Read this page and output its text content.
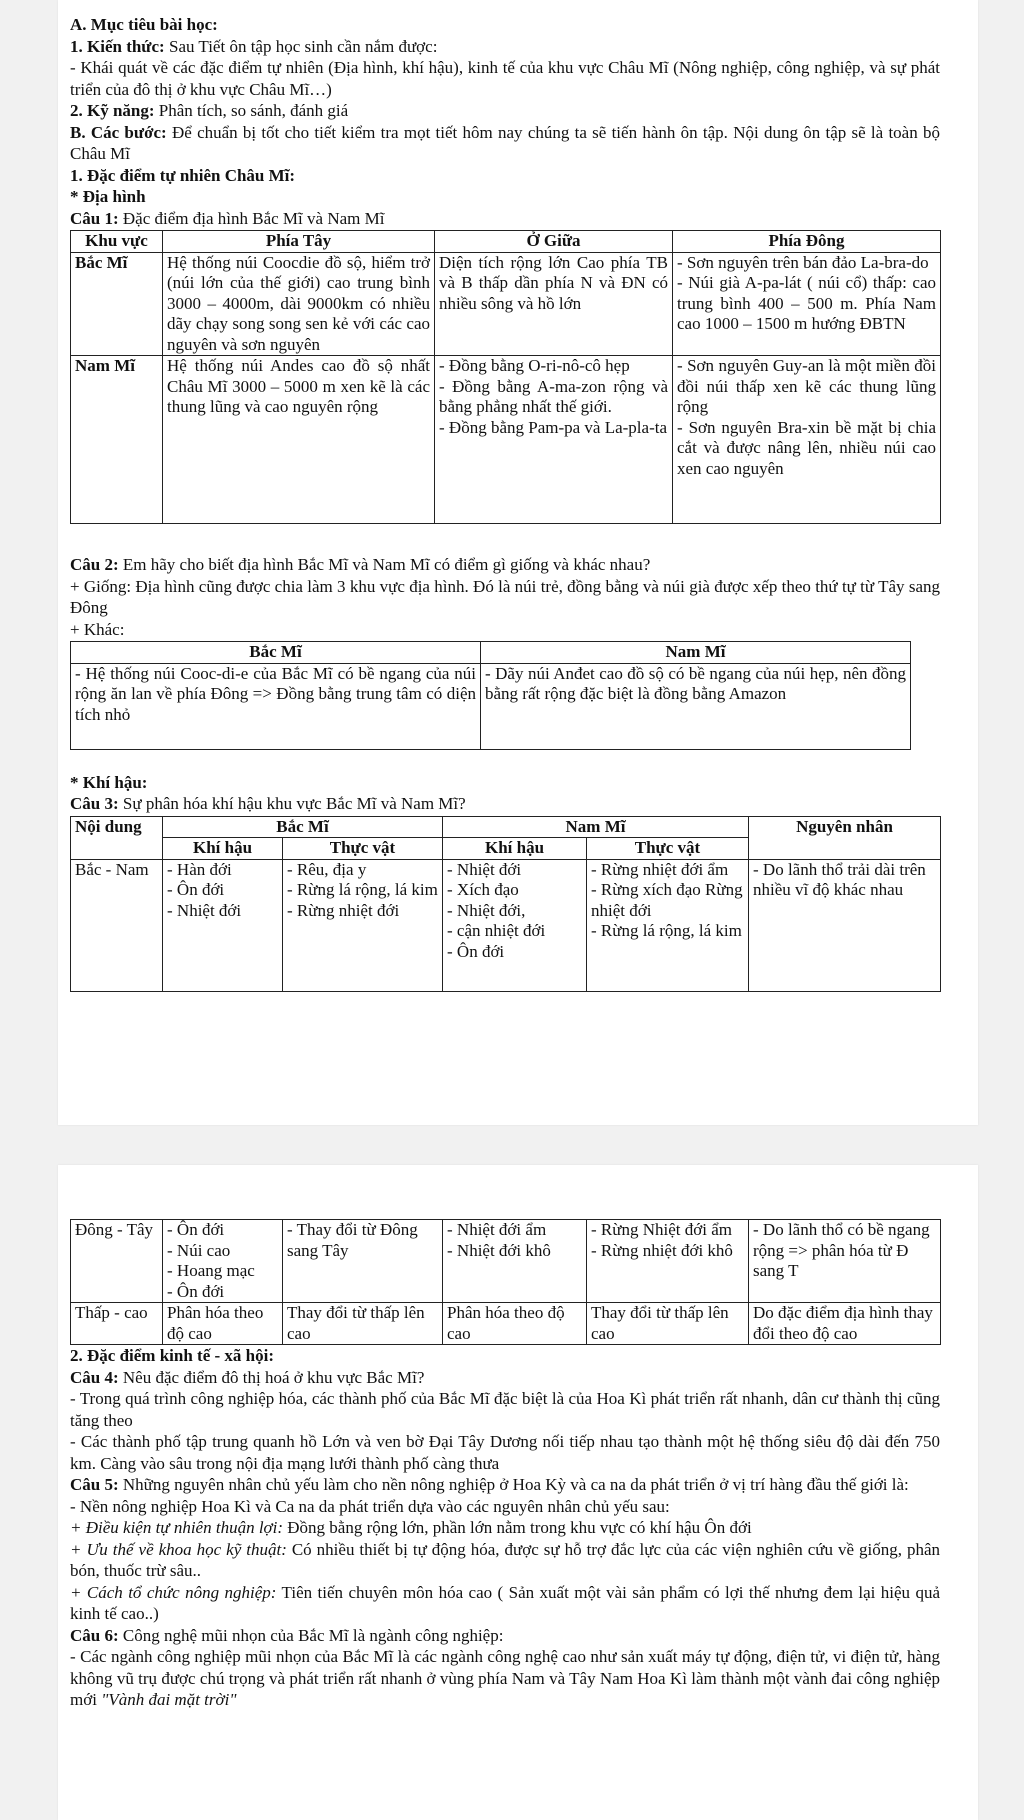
A. Mục tiêu bài học:

1. Kiến thức: Sau Tiết ôn tập học sinh cần nắm được:

- Khái quát về các đặc điểm tự nhiên (Địa hình, khí hậu), kinh tế của khu vực Châu Mĩ (Nông nghiệp, công nghiệp, và sự phát triển của đô thị ở khu vực Châu Mĩ…)

2. Kỹ năng: Phân tích, so sánh, đánh giá

B. Các bước: Để chuẩn bị tốt cho tiết kiểm tra mọt tiết hôm nay chúng ta sẽ tiến hành ôn tập. Nội dung ôn tập sẽ là toàn bộ Châu Mĩ

1. Đặc điểm tự nhiên Châu Mĩ:

* Địa hình

Câu 1: Đặc điểm địa hình Bắc Mĩ và Nam Mĩ

Khu vực	Phía Tây	Ở Giữa	Phía Đông
Bắc Mĩ	Hệ thống núi Coocdie đồ sộ, hiểm trở (núi lớn của thế giới) cao trung bình 3000 – 4000m, dài 9000km có nhiều dãy chạy song song sen kẻ với các cao nguyên và sơn nguyên	Diện tích rộng lớn Cao phía TB và B thấp dần phía N và ĐN có nhiều sông và hồ lớn	- Sơn nguyên trên bán đảo La-bra-do
- Núi già A-pa-lát ( núi cổ) thấp: cao trung bình 400 – 500 m. Phía Nam cao 1000 – 1500 m hướng ĐBTN

Nam Mĩ	Hệ thống núi Andes cao đồ sộ nhất Châu Mĩ 3000 – 5000 m xen kẽ là các thung lũng và cao nguyên rộng	- Đồng bằng O-ri-nô-cô hẹp
- Đồng bằng A-ma-zon rộng và bằng phẳng nhất thế giới.
- Đồng bằng Pam-pa và La-pla-ta	- Sơn nguyên Guy-an là một miền đồi đồi núi thấp xen kẽ các thung lũng rộng
- Sơn nguyên Bra-xin bề mặt bị chia cắt và được nâng lên, nhiều núi cao xen cao nguyên

Câu 2: Em hãy cho biết địa hình Bắc Mĩ và Nam Mĩ có điểm gì giống và khác nhau?

+ Giống: Địa hình cũng được chia làm 3 khu vực địa hình. Đó là núi trẻ, đồng bằng và núi già được xếp theo thứ tự từ Tây sang Đông

+ Khác:

Bắc Mĩ	Nam Mĩ
- Hệ thống núi Cooc-di-e của Bắc Mĩ có bề ngang của núi rộng ăn lan về phía Đông => Đồng bằng trung tâm có diện tích nhỏ	- Dãy núi Anđet cao đồ sộ có bề ngang của núi hẹp, nên đồng bằng rất rộng đặc biệt là đồng bằng Amazon

* Khí hậu:

Câu 3: Sự phân hóa khí hậu khu vực Bắc Mĩ và Nam Mĩ?

Nội dung	Bắc Mĩ		Nam Mĩ		Nguyên nhân
	Khí hậu	Thực vật	Khí hậu	Thực vật	
Bắc - Nam	- Hàn đới
- Ôn đới
- Nhiệt đới	- Rêu, địa y
- Rừng lá rộng, lá kim
- Rừng nhiệt đới	- Nhiệt đới
- Xích đạo
- Nhiệt đới,
- cận nhiệt đới
- Ôn đới	- Rừng nhiệt đới ẩm
- Rừng xích đạo Rừng nhiệt đới
- Rừng lá rộng, lá kim	- Do lãnh thổ trải dài trên nhiều vĩ độ khác nhau
Đông - Tây	- Ôn đới
- Núi cao
- Hoang mạc
- Ôn đới	- Thay đổi từ Đông sang Tây	- Nhiệt đới ẩm
- Nhiệt đới khô	- Rừng Nhiệt đới ẩm
- Rừng nhiệt đới khô	- Do lãnh thổ có bề ngang rộng => phân hóa từ Đ sang T
Thấp - cao	Phân hóa theo độ cao	Thay đổi từ thấp lên cao	Phân hóa theo độ cao	Thay đổi từ thấp lên cao	Do đặc điểm địa hình thay đổi theo độ cao

2. Đặc điểm kinh tế - xã hội:

Câu 4: Nêu đặc điểm đô thị hoá ở khu vực Bắc Mĩ?

- Trong quá trình công nghiệp hóa, các thành phố của Bắc Mĩ đặc biệt là của Hoa Kì phát triển rất nhanh, dân cư thành thị cũng tăng theo

- Các thành phố tập trung quanh hồ Lớn và ven bờ Đại Tây Dương nối tiếp nhau tạo thành một hệ thống siêu độ dài đến 750 km. Càng vào sâu trong nội địa mạng lưới thành phố càng thưa

Câu 5: Những nguyên nhân chủ yếu làm cho nền nông nghiệp ở Hoa Kỳ và ca na da phát triển ở vị trí hàng đầu thế giới là:

- Nền nông nghiệp Hoa Kì và Ca na da phát triển dựa vào các nguyên nhân chủ yếu sau:

+ Điều kiện tự nhiên thuận lợi: Đồng bằng rộng lớn, phần lớn nằm trong khu vực có khí hậu Ôn đới

+ Ưu thế về khoa học kỹ thuật: Có nhiều thiết bị tự động hóa, được sự hỗ trợ đắc lực của các viện nghiên cứu về giống, phân bón, thuốc trừ sâu..

+ Cách tổ chức nông nghiệp: Tiên tiến chuyên môn hóa cao ( Sản xuất một vài sản phẩm có lợi thế nhưng đem lại hiệu quả kinh tế cao..)

Câu 6: Công nghệ mũi nhọn của Bắc Mĩ là ngành công nghiệp:

- Các ngành công nghiệp mũi nhọn của Bắc Mĩ là các ngành công nghệ cao như sản xuất máy tự động, điện tử, vi điện tử, hàng không vũ trụ được chú trọng và phát triển rất nhanh ở vùng phía Nam và Tây Nam Hoa Kì làm thành một vành đai công nghiệp mới "Vành đai mặt trời"
